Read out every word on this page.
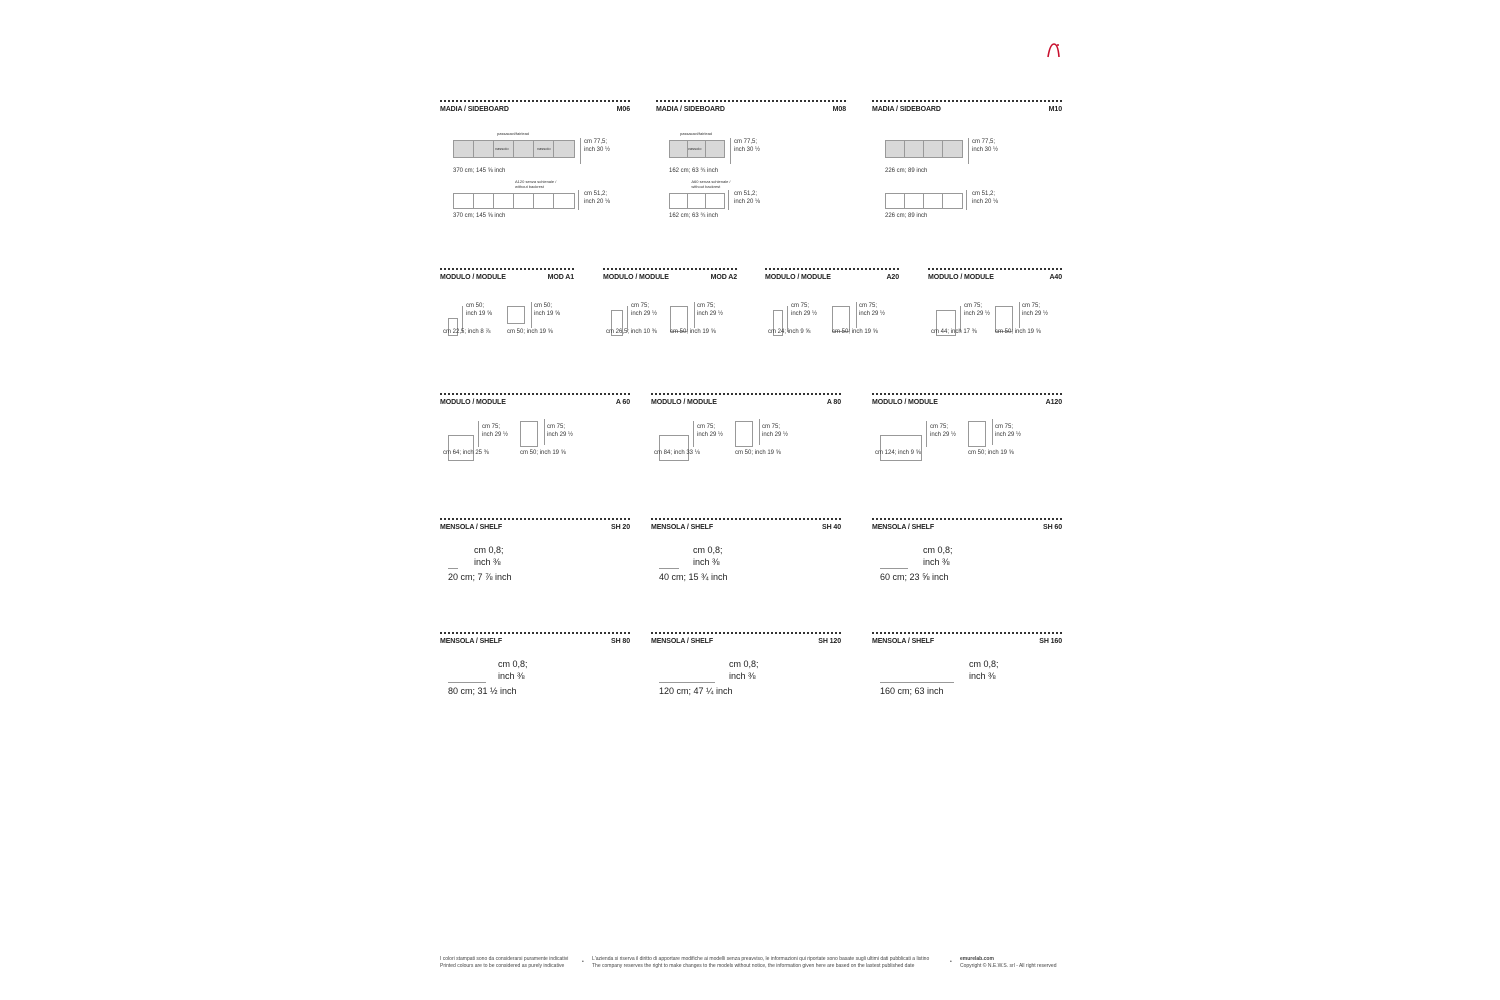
MADIA / SIDEBOARD	M06
passacavi/fairlead
vassoio	vassoio
cm 77,5;
inch 30 ½
370 cm; 145 ⅝ inch
A120 senza schienale / without backrest
cm 51,2;
inch 20 ⅛
370 cm; 145 ⅝ inch
MADIA / SIDEBOARD	M08
passacavi/fairlead
vassoio
cm 77,5;
inch 30 ½
162 cm; 63 ¾ inch
A60 senza schienale / without backrest
cm 51,2;
inch 20 ⅛
162 cm; 63 ¾ inch
MADIA / SIDEBOARD	M10
cm 77,5;
inch 30 ½
226 cm; 89 inch
cm 51,2;
inch 20 ⅛
226 cm; 89 inch
MODULO / MODULE	MOD A1
cm 50;
inch 19 ⅝
cm 22,5; inch 8 ⅞
cm 50;
inch 19 ⅝
cm 50; inch 19 ⅝
MODULO / MODULE	MOD A2
cm 75;
inch 29 ½
cm 26,5; inch 10 ⅜
cm 75;
inch 29 ½
cm 50; inch 19 ⅝
MODULO / MODULE	A20
cm 75;
inch 29 ½
cm 24; inch 9 ⅝
cm 75;
inch 29 ½
cm 50; inch 19 ⅝
MODULO / MODULE	A40
cm 75;
inch 29 ½
cm 44; inch 17 ⅜
cm 75;
inch 29 ½
cm 50; inch 19 ⅝
MODULO / MODULE	A 60
cm 75;
inch 29 ½
cm 64; inch 25 ⅜
cm 75;
inch 29 ½
cm 50; inch 19 ⅝
MODULO / MODULE	A 80
cm 75;
inch 29 ½
cm 84; inch 33 ⅛
cm 75;
inch 29 ½
cm 50; inch 19 ⅝
MODULO / MODULE	A120
cm 75;
inch 29 ½
cm 124; inch 9 ⅝
cm 75;
inch 29 ½
cm 50; inch 19 ⅝
MENSOLA / SHELF	SH 20
cm 0,8;
inch ⅜
20 cm; 7 ⅞ inch
MENSOLA / SHELF	SH 40
cm 0,8;
inch ⅜
40 cm; 15 ¾ inch
MENSOLA / SHELF	SH 60
cm 0,8;
inch ⅜
60 cm; 23 ⅝ inch
MENSOLA / SHELF	SH 80
cm 0,8;
inch ⅜
80 cm; 31 ½ inch
MENSOLA / SHELF	SH 120
cm 0,8;
inch ⅜
120 cm; 47 ¼ inch
MENSOLA / SHELF	SH 160
cm 0,8;
inch ⅜
160 cm; 63 inch
I colori stampati sono da considerarsi puramente indicativi
Printed colours are to be considered as purely indicative
• L'azienda si riserva il diritto di apportare modifiche ai modelli senza preavviso, le informazioni qui riportate sono basate sugli ultimi dati pubblicati a listino
The company reserves the right to make changes to the models without notice, the information given here are based on the lastest published date
• emurelab.com
Copyright © N.E.W.S. srl - All right reserved
